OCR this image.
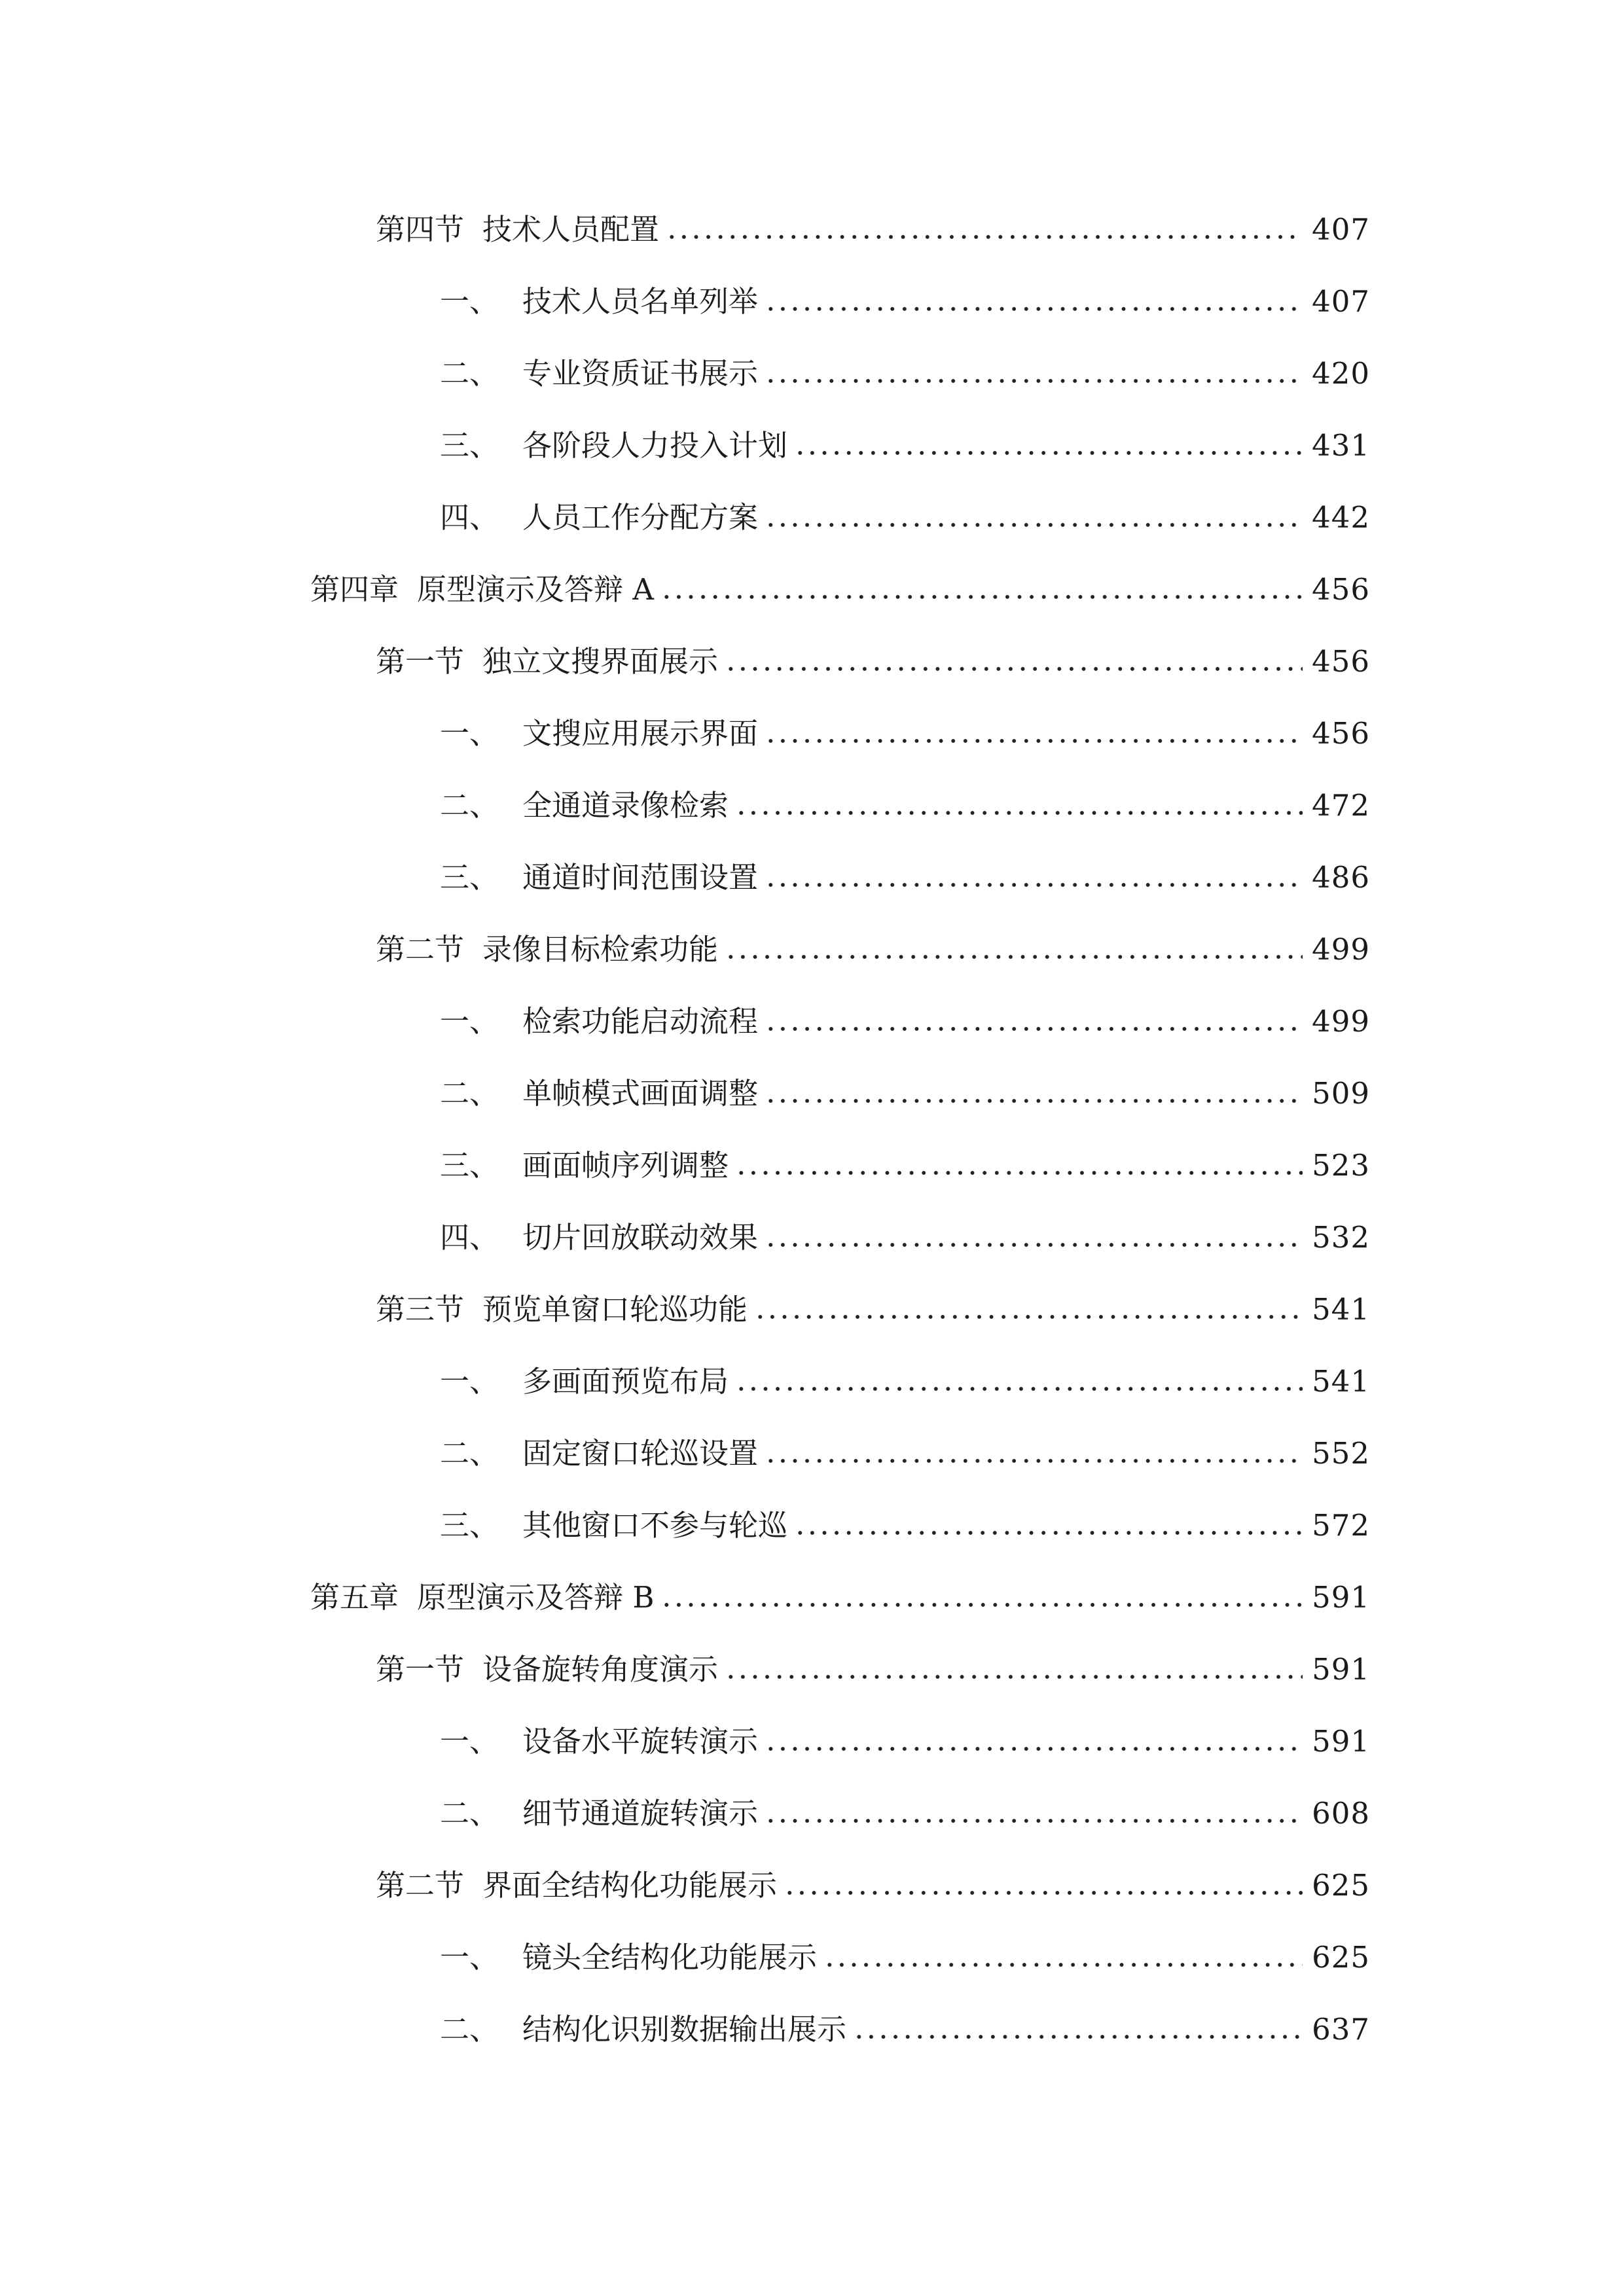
第四节 技术人员配置	407
一、 技术人员名单列举	407
二、 专业资质证书展示	420
三、 各阶段人力投入计划	431
四、 人员工作分配方案	442
第四章 原型演示及答辩 A	456
第一节 独立文搜界面展示	456
一、 文搜应用展示界面	456
二、 全通道录像检索	472
三、 通道时间范围设置	486
第二节 录像目标检索功能	499
一、 检索功能启动流程	499
二、 单帧模式画面调整	509
三、 画面帧序列调整	523
四、 切片回放联动效果	532
第三节 预览单窗口轮巡功能	541
一、 多画面预览布局	541
二、 固定窗口轮巡设置	552
三、 其他窗口不参与轮巡	572
第五章 原型演示及答辩 B	591
第一节 设备旋转角度演示	591
一、 设备水平旋转演示	591
二、 细节通道旋转演示	608
第二节 界面全结构化功能展示	625
一、 镜头全结构化功能展示	625
二、 结构化识别数据输出展示	637
